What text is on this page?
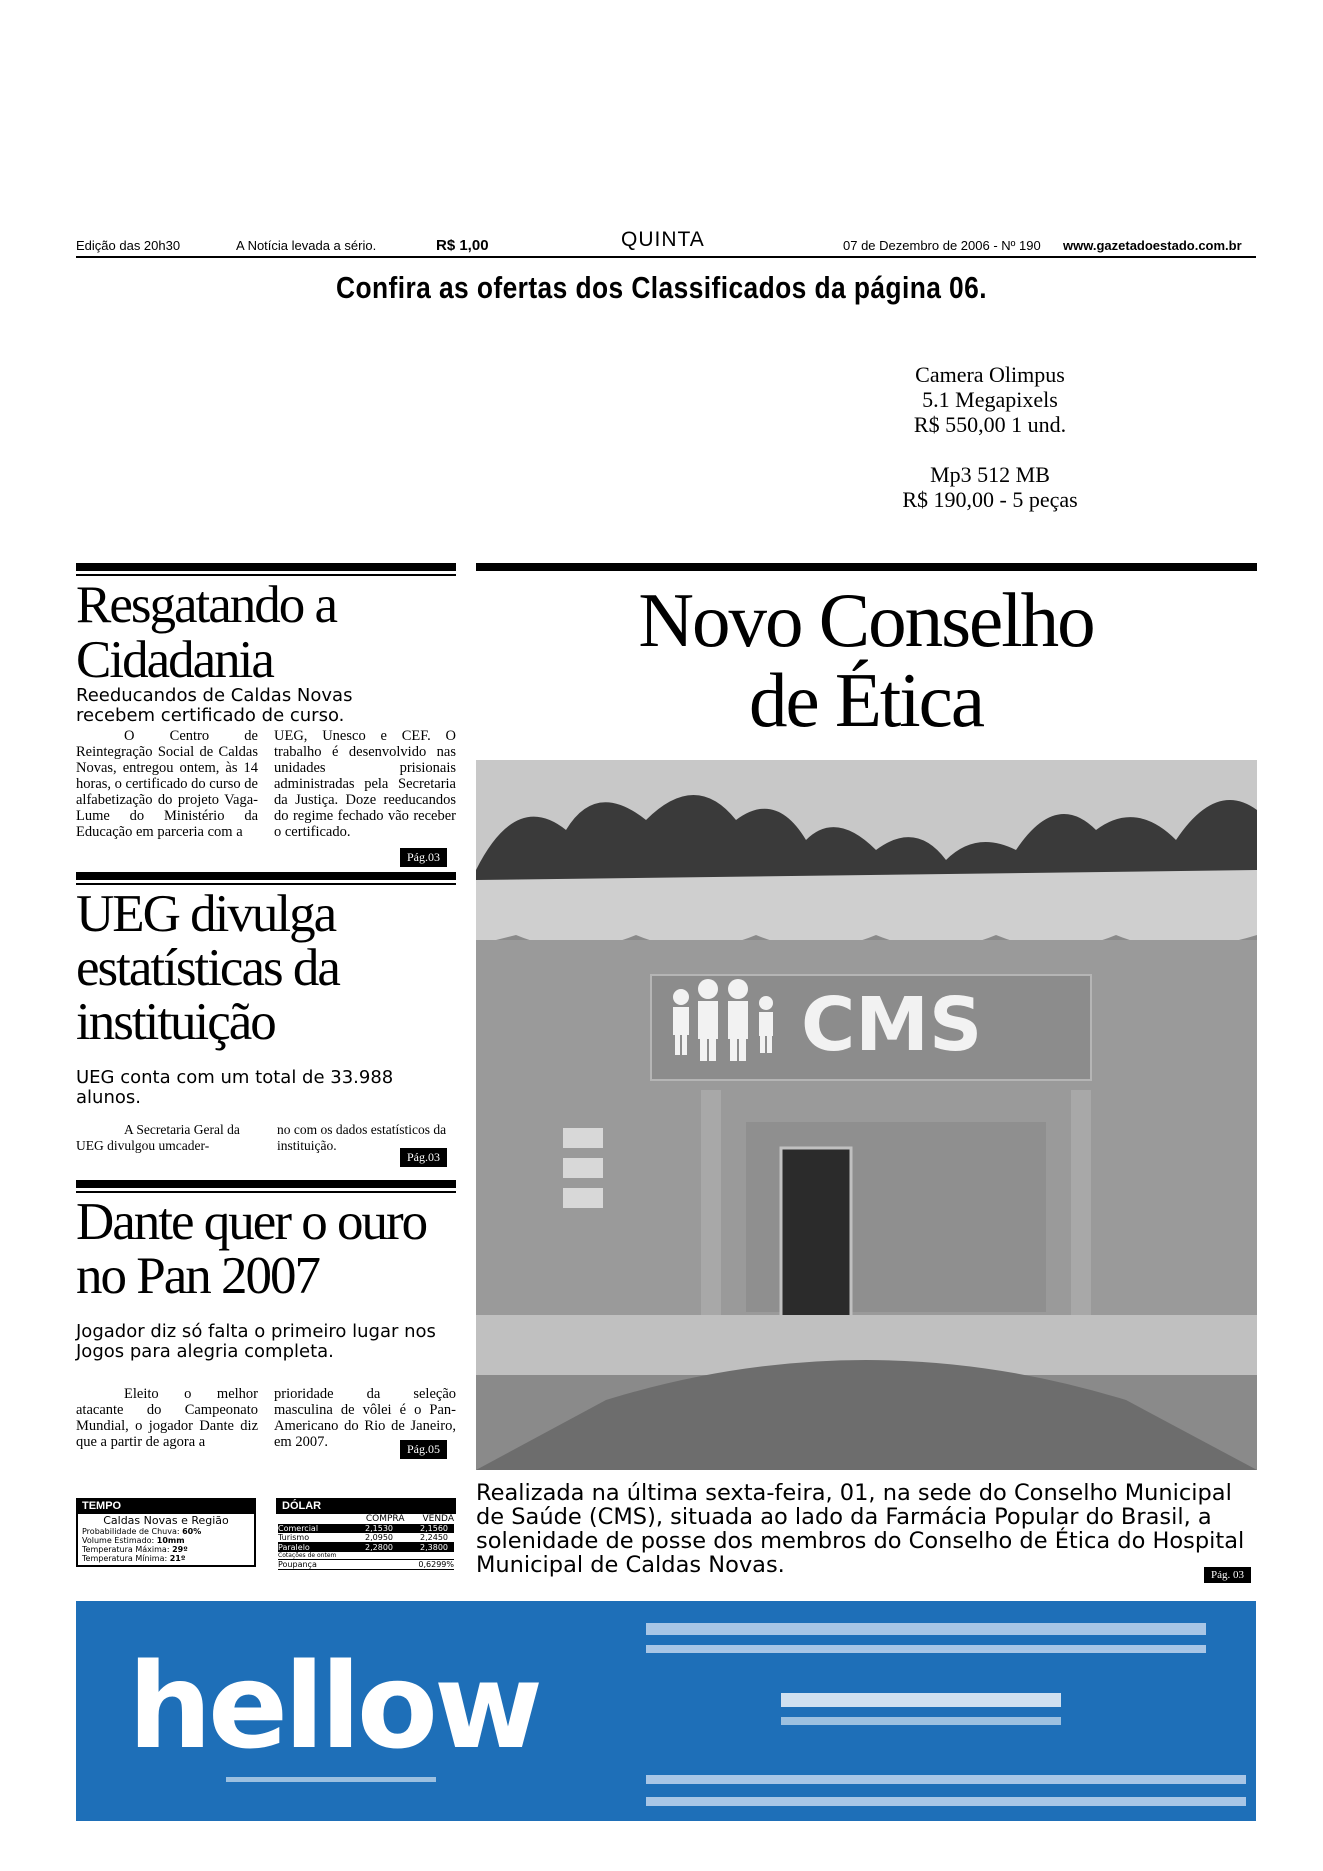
Edição das 20h30	A Notícia levada a sério.	R$ 1,00	QUINTA	07 de Dezembro de 2006 - Nº 190 www.gazetadoestado.com.br
Confira as ofertas dos Classificados da página 06.
Camera Olimpus
5.1 Megapixels
R$ 550,00 1 und.
Mp3 512 MB
R$ 190,00 - 5 peças
Resgatando a Cidadania
Reeducandos de Caldas Novas recebem certificado de curso.
O Centro de Reintegração Social de Caldas Novas, entregou ontem, às 14 horas, o certificado do curso de alfabetização do projeto Vaga-Lume do Ministério da Educação em parceria com a
UEG, Unesco e CEF. O trabalho é desenvolvido nas unidades prisionais administradas pela Secretaria da Justiça. Doze reeducandos do regime fechado vão receber o certificado.
Pág.03
UEG divulga estatísticas da instituição
UEG conta com um total de 33.988 alunos.
A Secretaria Geral da UEG divulgou umcader-
no com os dados estatísticos da instituição.
Pág.03
Dante quer o ouro no Pan 2007
Jogador diz só falta o primeiro lugar nos Jogos para alegria completa.
Eleito o melhor atacante do Campeonato Mundial, o jogador Dante diz que a partir de agora a
prioridade da seleção masculina de vôlei é o Pan-Americano do Rio de Janeiro, em 2007.	Pág.05
TEMPO
Caldas Novas e Região
Probabilidade de Chuva: 60%
Volume Estimado: 10mm
Temperatura Máxima: 29º
Temperatura Mínima: 21º
DÓLAR
COMPRA VENDA
Comercial	2,1530	2,1560
Turismo	2,0950	2,2450
Paralelo	2,2800	2,3800
Cotações de ontem
Poupança	0,6299%
Novo Conselho
de Ética
CMS
Realizada na última sexta-feira, 01, na sede do Conselho Municipal de Saúde (CMS), situada ao lado da Farmácia Popular do Brasil, a solenidade de posse dos membros do Conselho de Ética do Hospital Municipal de Caldas Novas.	Pág. 03
hellow
